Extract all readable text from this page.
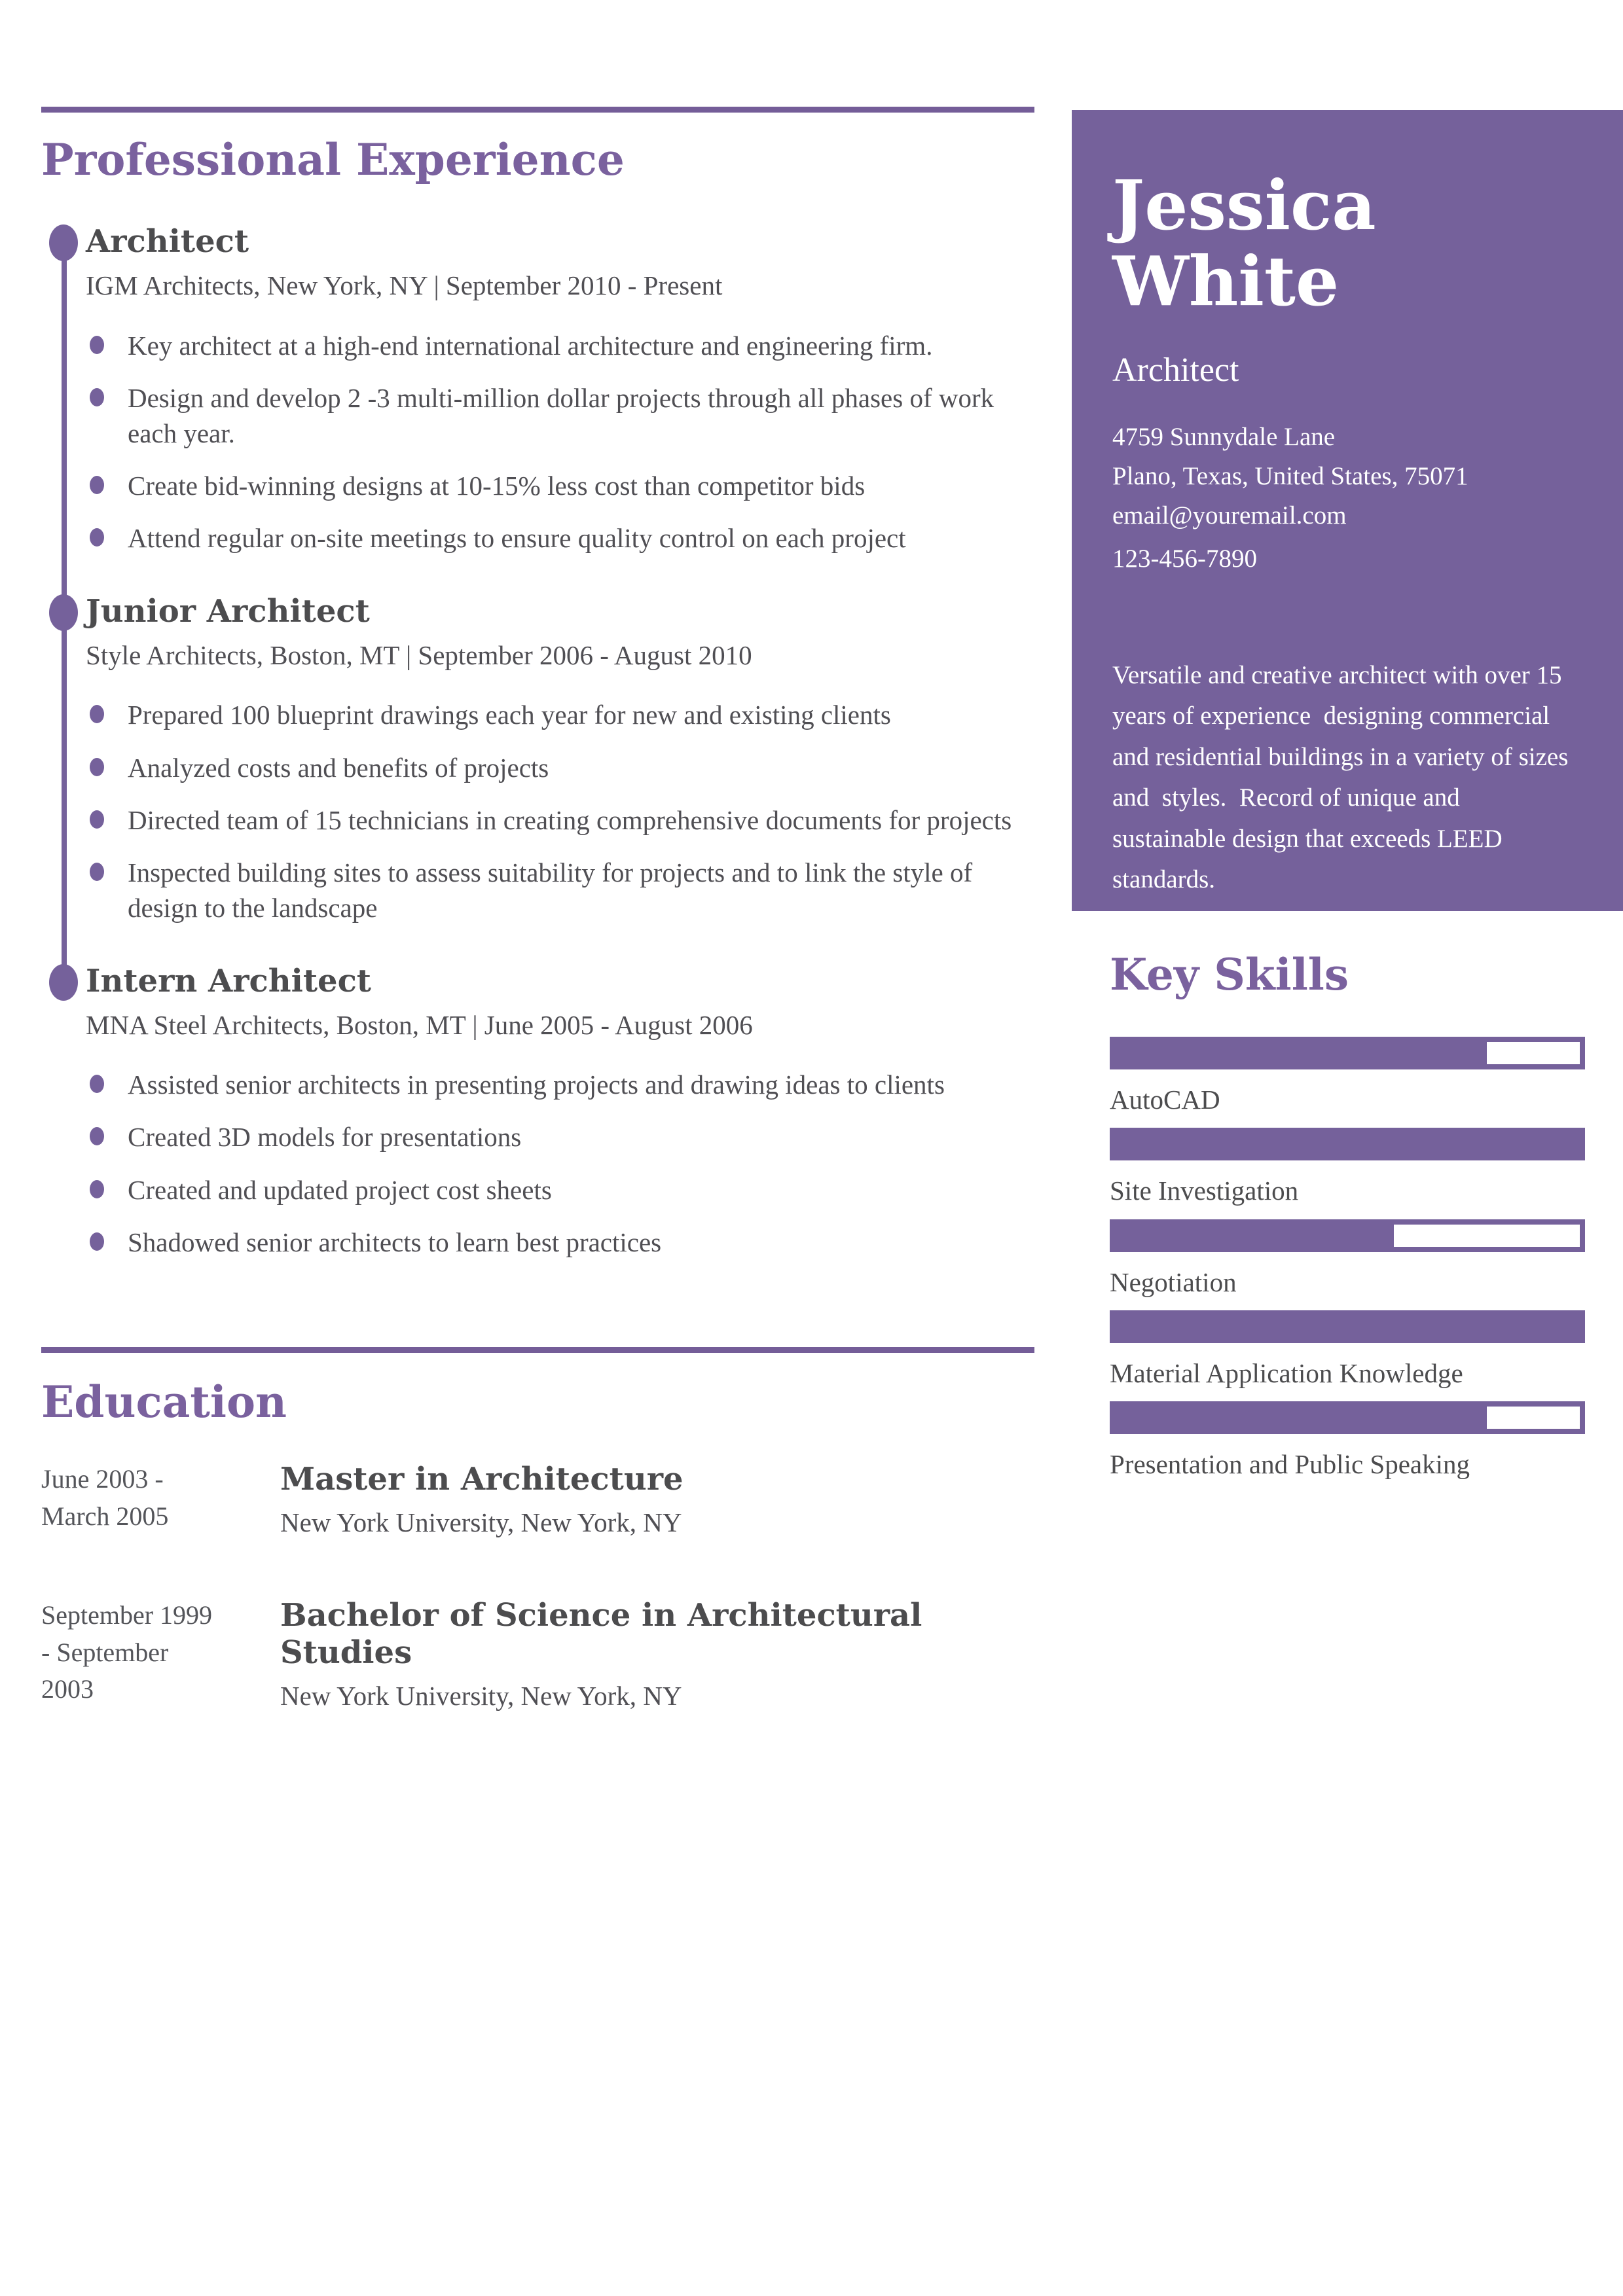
Professional Experience
Architect
IGM Architects, New York, NY | September 2010 - Present
Key architect at a high-end international architecture and engineering firm.
Design and develop 2 -3 multi-million dollar projects through all phases of work each year.
Create bid-winning designs at 10-15% less cost than competitor bids
Attend regular on-site meetings to ensure quality control on each project
Junior Architect
Style Architects, Boston, MT | September 2006 - August 2010
Prepared 100 blueprint drawings each year for new and existing clients
Analyzed costs and benefits of projects
Directed team of 15 technicians in creating comprehensive documents for projects
Inspected building sites to assess suitability for projects and to link the style of design to the landscape
Intern Architect
MNA Steel Architects, Boston, MT | June 2005 - August 2006
Assisted senior architects in presenting projects and drawing ideas to clients
Created 3D models for presentations
Created and updated project cost sheets
Shadowed senior architects to learn best practices
Education
June 2003 - March 2005
Master in Architecture
New York University, New York, NY
September 1999 - September 2003
Bachelor of Science in Architectural Studies
New York University, New York, NY
Jessica
White
Architect
4759 Sunnydale Lane
Plano, Texas, United States, 75071
email@youremail.com
123-456-7890

Versatile and creative architect with over 15 years of experience  designing commercial and residential buildings in a variety of sizes and  styles.  Record of unique and sustainable design that exceeds LEED  standards.

Key Skills
AutoCAD
Site Investigation
Negotiation
Material Application Knowledge
Presentation and Public Speaking
